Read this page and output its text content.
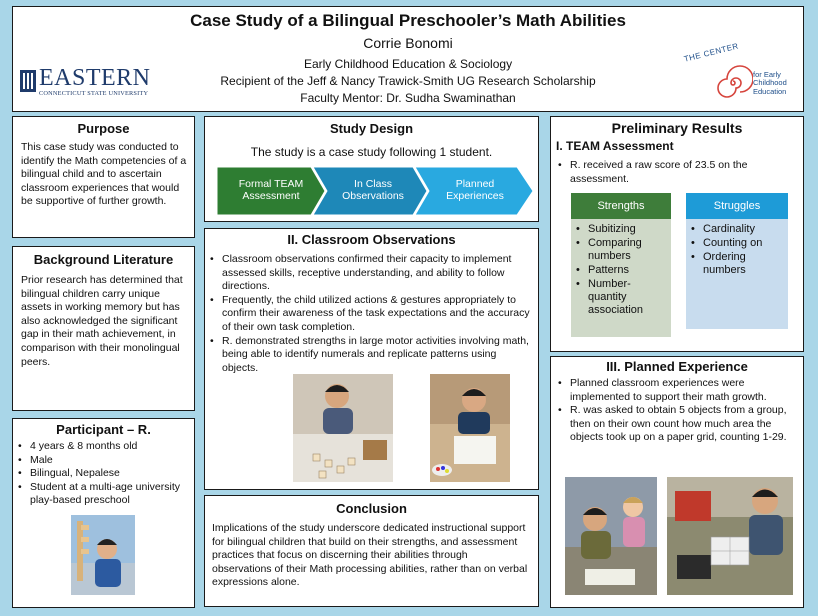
Case Study of a Bilingual Preschooler’s Math Abilities
Corrie Bonomi
Early Childhood Education & Sociology
Recipient of the Jeff & Nancy Trawick-Smith UG Research Scholarship
Faculty Mentor: Dr. Sudha Swaminathan
EASTERN
CONNECTICUT STATE UNIVERSITY
THE CENTER
for Early Childhood Education
Purpose
This case study was conducted to identify the Math competencies of a bilingual child and to ascertain classroom experiences that would be supportive of further growth.
Background Literature
Prior research has determined that bilingual children carry unique assets in working memory but has also acknowledged the significant gap in their math achievement, in comparison with their monolingual peers.
Participant – R.
• 4 years & 8 months old
• Male
• Bilingual, Nepalese
• Student at a multi-age university play-based preschool
Study Design
The study is a case study following 1 student.
Formal TEAM
Assessment
In Class
Observations
Planned
Experiences
II. Classroom Observations
• Classroom observations confirmed their capacity to implement assessed skills, receptive understanding, and ability to follow directions.
• Frequently, the child utilized actions & gestures appropriately to confirm their awareness of the task expectations and the accuracy of their own task completion.
• R. demonstrated strengths in large motor activities involving math, being able to identify numerals and replicate patterns using objects.
Conclusion
Implications of the study underscore dedicated instructional support for bilingual children that build on their strengths, and assessment practices that focus on discerning their abilities through observations of their Math processing abilities, rather than on verbal expressions alone.
Preliminary Results
I. TEAM Assessment
• R. received a raw score of 23.5 on the assessment.
Strengths
• Subitizing
• Comparing numbers
• Patterns
• Number-quantity association
Struggles
• Cardinality
• Counting on
• Ordering numbers
III. Planned Experience
• Planned classroom experiences were implemented to support their math growth.
• R. was asked to obtain 5 objects from a group, then on their own count how much area the objects took up on a paper grid, counting 1-29.
